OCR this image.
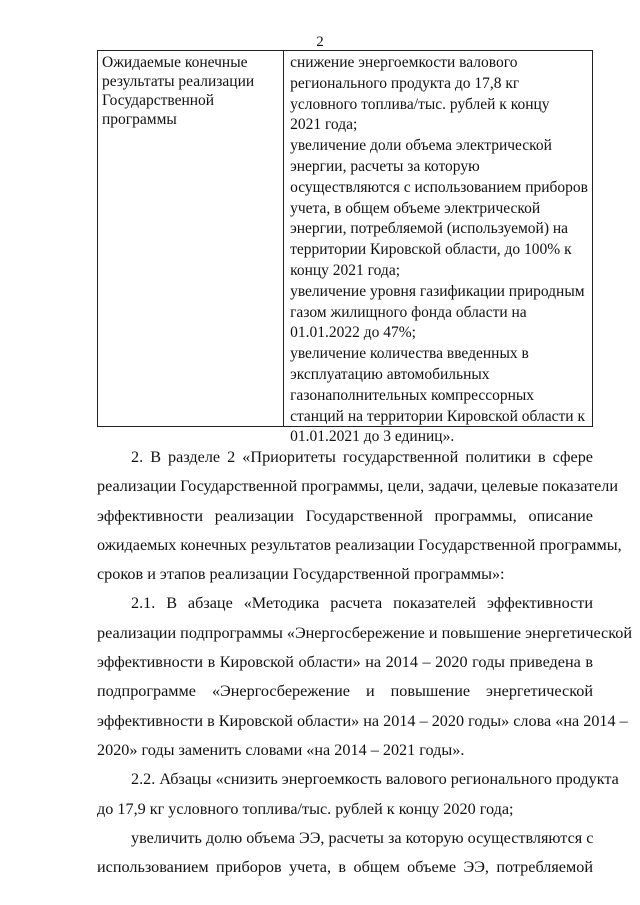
2
Ожидаемые конечные
результаты реализации
Государственной программы
снижение энергоемкости валового
регионального продукта до 17,8 кг
условного топлива/тыс. рублей к концу
2021 года;
увеличение доли объема электрической
энергии, расчеты за которую
осуществляются с использованием приборов
учета, в общем объеме электрической
энергии, потребляемой (используемой) на
территории Кировской области, до 100% к
концу 2021 года;
увеличение уровня газификации природным
газом жилищного фонда области на
01.01.2022 до 47%;
увеличение количества введенных в
эксплуатацию автомобильных
газонаполнительных компрессорных
станций на территории Кировской области к
01.01.2021 до 3 единиц».
2. В разделе 2 «Приоритеты государственной политики в сфере
реализации Государственной программы, цели, задачи, целевые показатели
эффективности реализации Государственной программы, описание
ожидаемых конечных результатов реализации Государственной программы,
сроков и этапов реализации Государственной программы»:
2.1. В абзаце «Методика расчета показателей эффективности
реализации подпрограммы «Энергосбережение и повышение энергетической
эффективности в Кировской области» на 2014 – 2020 годы приведена в
подпрограмме «Энергосбережение и повышение энергетической
эффективности в Кировской области» на 2014 – 2020 годы» слова «на 2014 –
2020» годы заменить словами «на 2014 – 2021 годы».
2.2. Абзацы «снизить энергоемкость валового регионального продукта
до 17,9 кг условного топлива/тыс. рублей к концу 2020 года;
увеличить долю объема ЭЭ, расчеты за которую осуществляются с
использованием приборов учета, в общем объеме ЭЭ, потребляемой
